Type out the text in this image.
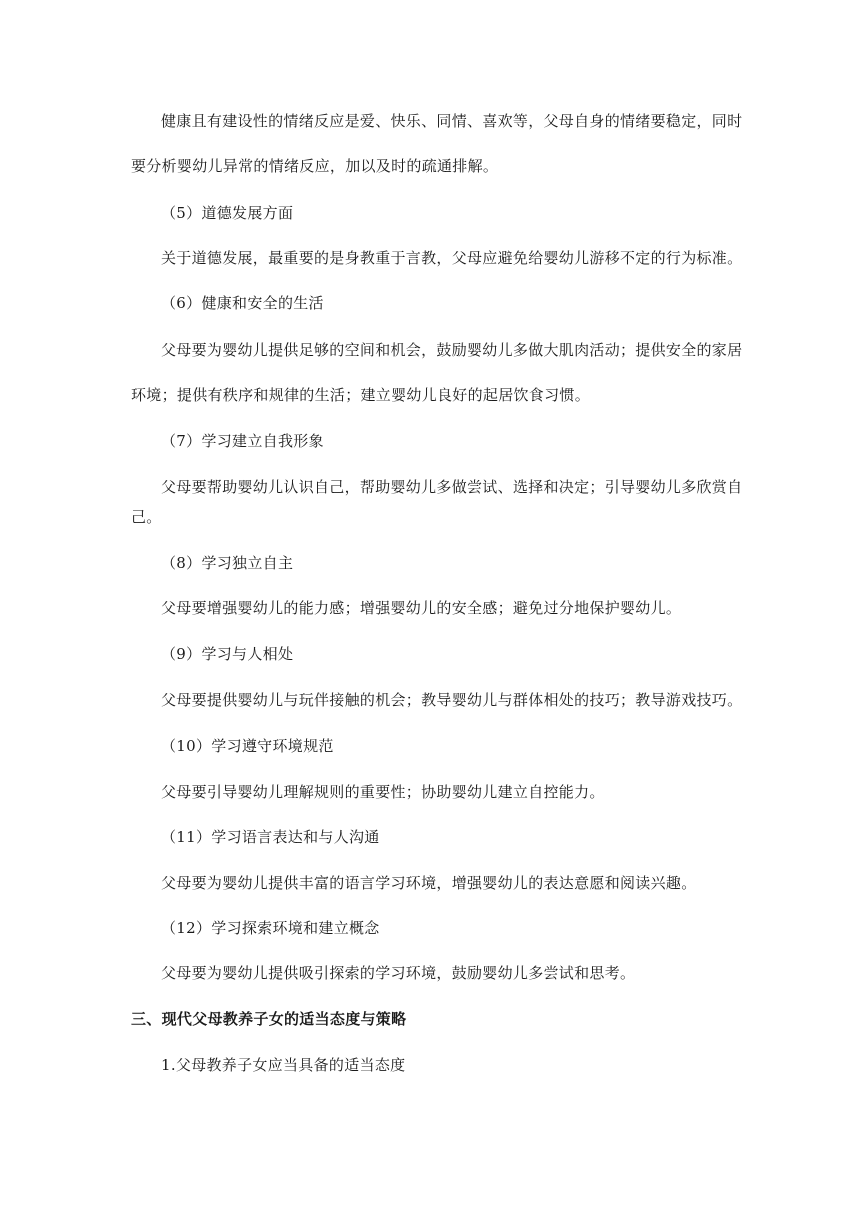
健康且有建设性的情绪反应是爱、快乐、同情、喜欢等，父母自身的情绪要稳定，同时
要分析婴幼儿异常的情绪反应，加以及时的疏通排解。
（5）道德发展方面
关于道德发展，最重要的是身教重于言教，父母应避免给婴幼儿游移不定的行为标准。
（6）健康和安全的生活
父母要为婴幼儿提供足够的空间和机会，鼓励婴幼儿多做大肌肉活动；提供安全的家居
环境；提供有秩序和规律的生活；建立婴幼儿良好的起居饮食习惯。
（7）学习建立自我形象
父母要帮助婴幼儿认识自己，帮助婴幼儿多做尝试、选择和决定；引导婴幼儿多欣赏自
己。
（8）学习独立自主
父母要增强婴幼儿的能力感；增强婴幼儿的安全感；避免过分地保护婴幼儿。
（9）学习与人相处
父母要提供婴幼儿与玩伴接触的机会；教导婴幼儿与群体相处的技巧；教导游戏技巧。
（10）学习遵守环境规范
父母要引导婴幼儿理解规则的重要性；协助婴幼儿建立自控能力。
（11）学习语言表达和与人沟通
父母要为婴幼儿提供丰富的语言学习环境，增强婴幼儿的表达意愿和阅读兴趣。
（12）学习探索环境和建立概念
父母要为婴幼儿提供吸引探索的学习环境，鼓励婴幼儿多尝试和思考。
三、现代父母教养子女的适当态度与策略
1.父母教养子女应当具备的适当态度
